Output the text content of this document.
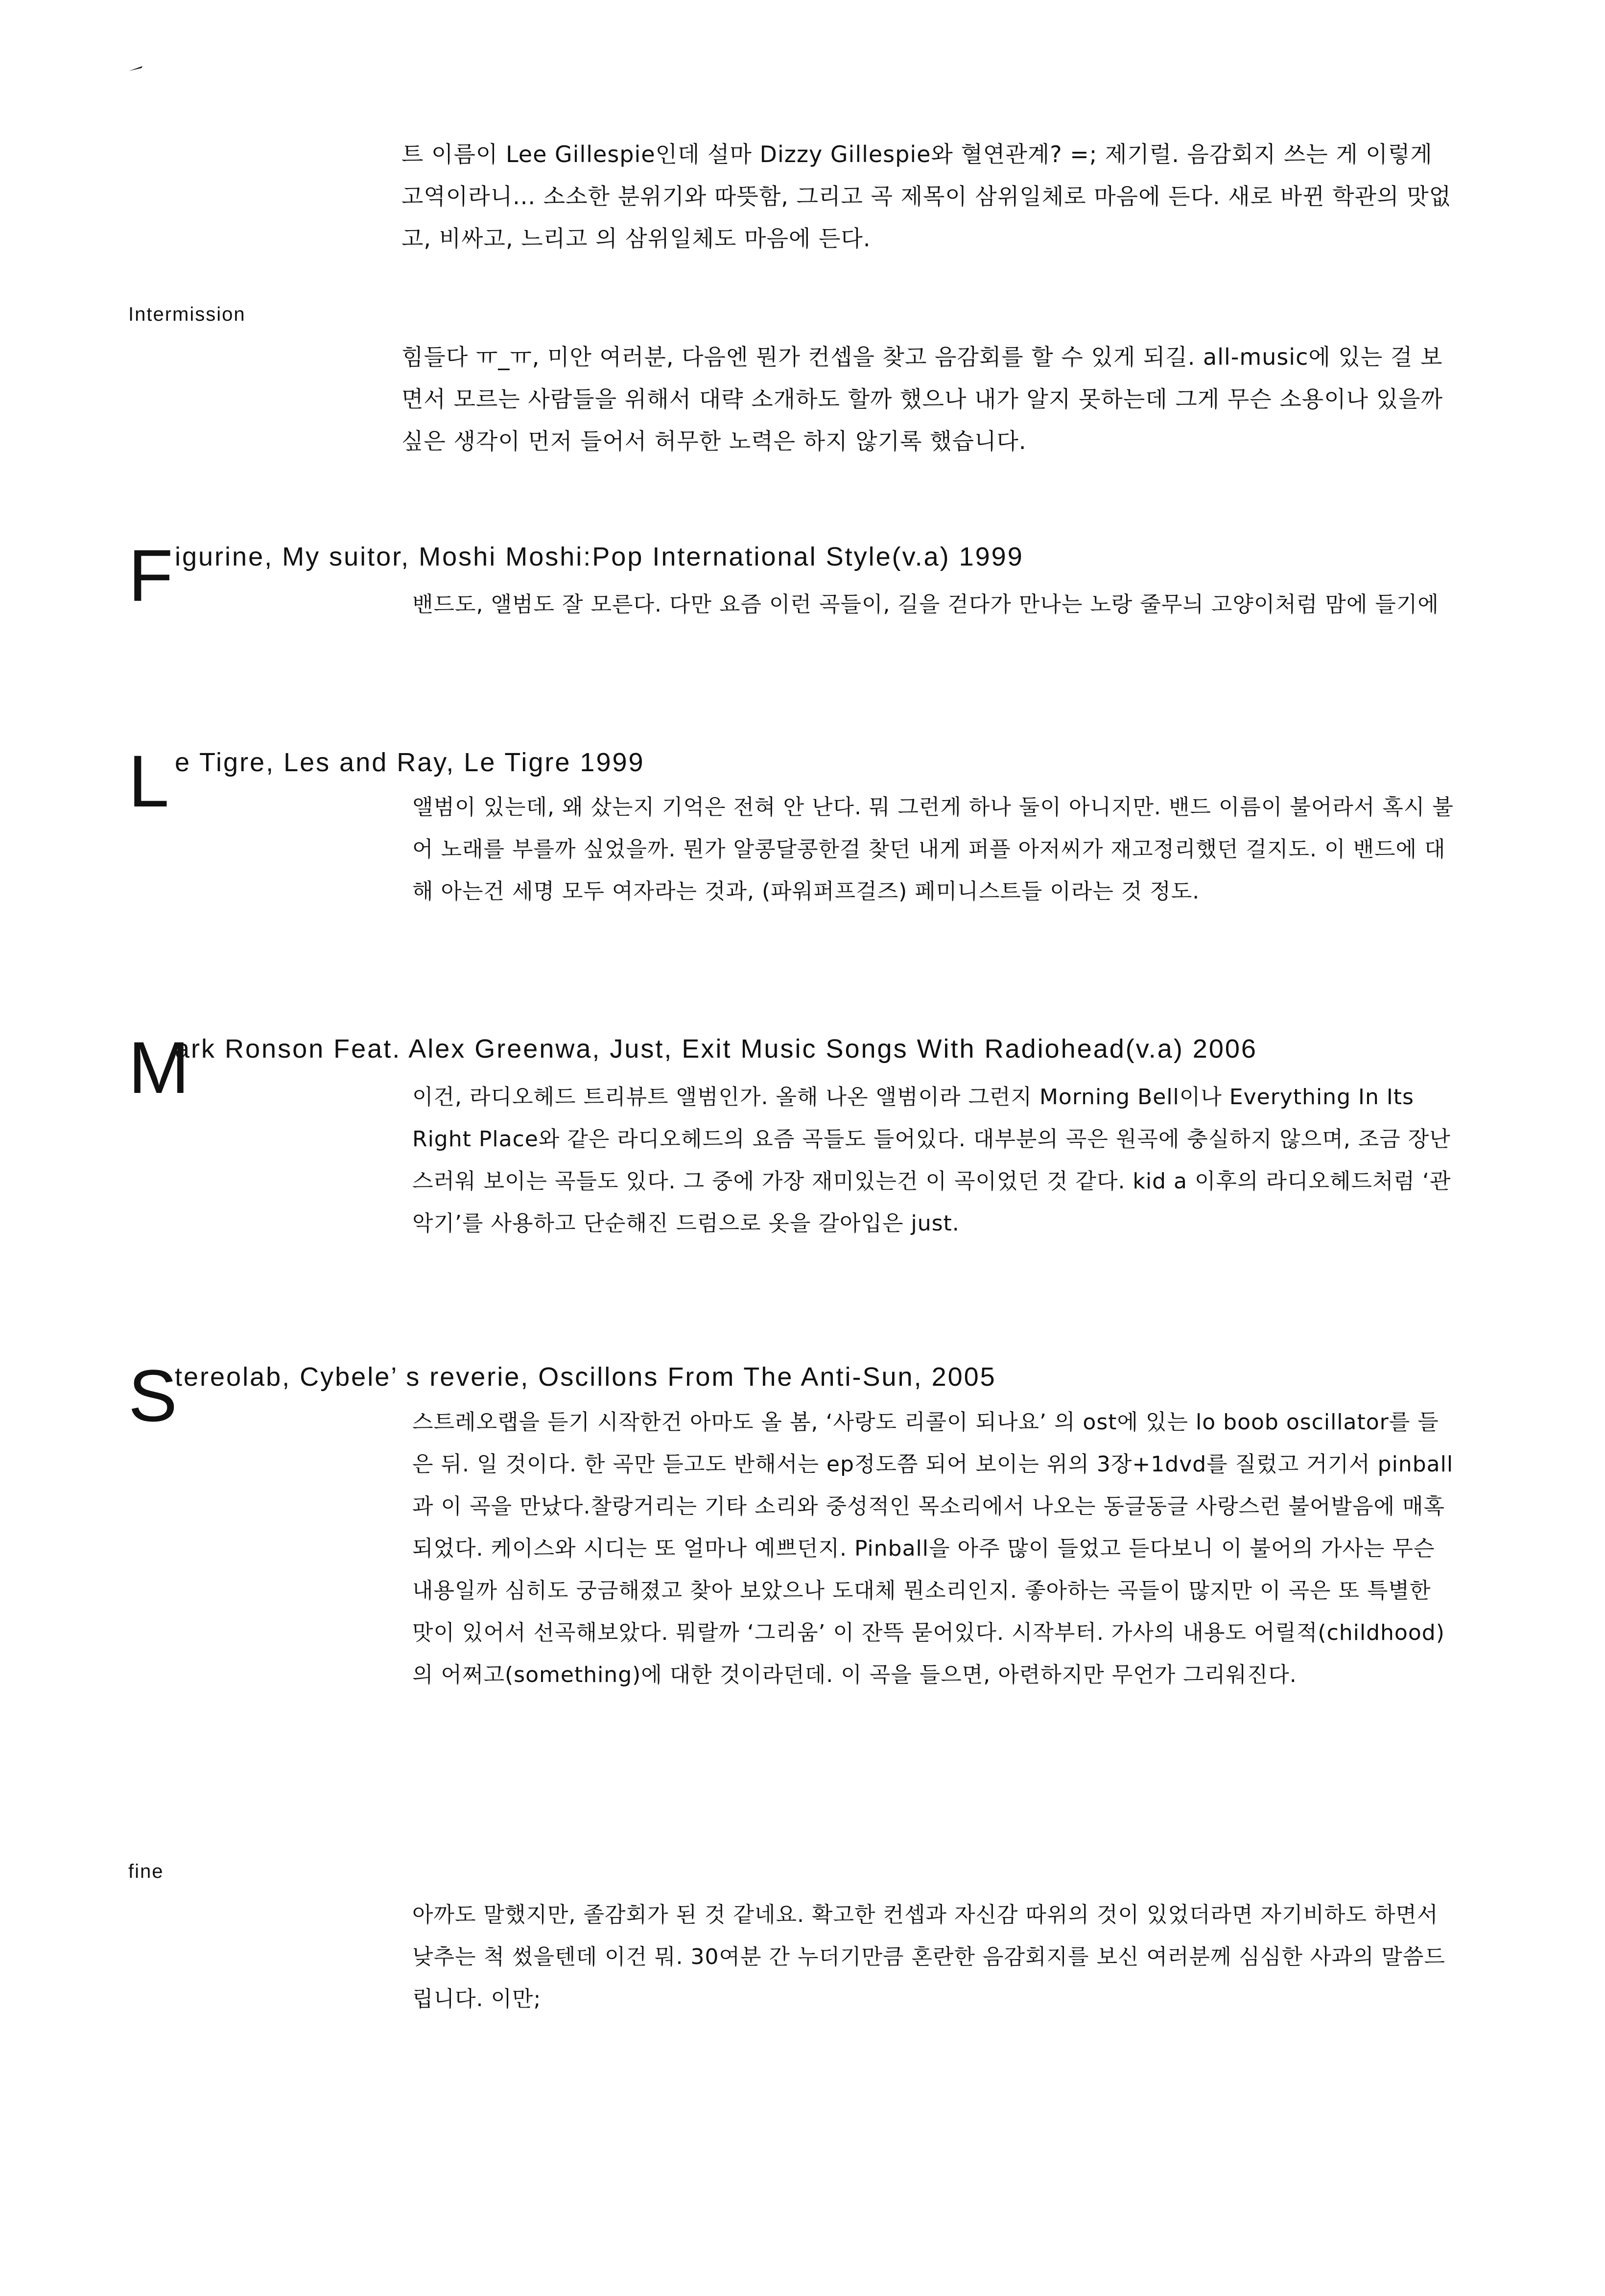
트 이름이 Lee Gillespie인데 설마 Dizzy Gillespie와 혈연관계? =; 제기럴. 음감회지 쓰는 게 이렇게 고역이라니... 소소한 분위기와 따뜻함, 그리고 곡 제목이 삼위일체로 마음에 든다. 새로 바뀐 학관의 맛없고, 비싸고, 느리고 의 삼위일체도 마음에 든다.
Intermission
힘들다 ㅠ_ㅠ, 미안 여러분, 다음엔 뭔가 컨셉을 찾고 음감회를 할 수 있게 되길. all-music에 있는 걸 보면서 모르는 사람들을 위해서 대략 소개하도 할까 했으나 내가 알지 못하는데 그게 무슨 소용이나 있을까 싶은 생각이 먼저 들어서 허무한 노력은 하지 않기록 했습니다.
F igurine, My suitor, Moshi Moshi:Pop International Style(v.a) 1999
밴드도, 앨범도 잘 모른다. 다만 요즘 이런 곡들이, 길을 걷다가 만나는 노랑 줄무늬 고양이처럼 맘에 들기에
L e Tigre, Les and Ray, Le Tigre 1999
앨범이 있는데, 왜 샀는지 기억은 전혀 안 난다. 뭐 그런게 하나 둘이 아니지만. 밴드 이름이 불어라서 혹시 불어 노래를 부를까 싶었을까. 뭔가 알콩달콩한걸 찾던 내게 퍼플 아저씨가 재고정리했던 걸지도. 이 밴드에 대해 아는건 세명 모두 여자라는 것과, (파워퍼프걸즈) 페미니스트들 이라는 것 정도.
M
ark Ronson Feat. Alex Greenwa, Just, Exit Music Songs With Radiohead(v.a) 2006
이건, 라디오헤드 트리뷰트 앨범인가. 올해 나온 앨범이라 그런지 Morning Bell이나 Everything In Its Right Place와 같은 라디오헤드의 요즘 곡들도 들어있다. 대부분의 곡은 원곡에 충실하지 않으며, 조금 장난스러워 보이는 곡들도 있다. 그 중에 가장 재미있는건 이 곡이었던 것 같다. kid a 이후의 라디오헤드처럼 ‘관악기’를 사용하고 단순해진 드럼으로 옷을 갈아입은 just.
S
tereolab, Cybele’ s reverie, Oscillons From The Anti-Sun, 2005
스트레오랩을 듣기 시작한건 아마도 올 봄, ‘사랑도 리콜이 되나요’ 의 ost에 있는 lo boob oscillator를 들은 뒤. 일 것이다. 한 곡만 듣고도 반해서는 ep정도쯤 되어 보이는 위의 3장+1dvd를 질렀고 거기서 pinball과 이 곡을 만났다.찰랑거리는 기타 소리와 중성적인 목소리에서 나오는 동글동글 사랑스런 불어발음에 매혹되었다. 케이스와 시디는 또 얼마나 예쁘던지. Pinball을 아주 많이 들었고 듣다보니 이 불어의 가사는 무슨 내용일까 심히도 궁금해졌고 찾아 보았으나 도대체 뭔소리인지. 좋아하는 곡들이 많지만 이 곡은 또 특별한 맛이 있어서 선곡해보았다. 뭐랄까 ‘그리움’ 이 잔뜩 묻어있다. 시작부터. 가사의 내용도 어릴적(childhood)의 어쩌고(something)에 대한 것이라던데. 이 곡을 들으면, 아련하지만 무언가 그리워진다.
fine
아까도 말했지만, 졸감회가 된 것 같네요. 확고한 컨셉과 자신감 따위의 것이 있었더라면 자기비하도 하면서 낮추는 척 썼을텐데 이건 뭐. 30여분 간 누더기만큼 혼란한 음감회지를 보신 여러분께 심심한 사과의 말씀드립니다. 이만;
